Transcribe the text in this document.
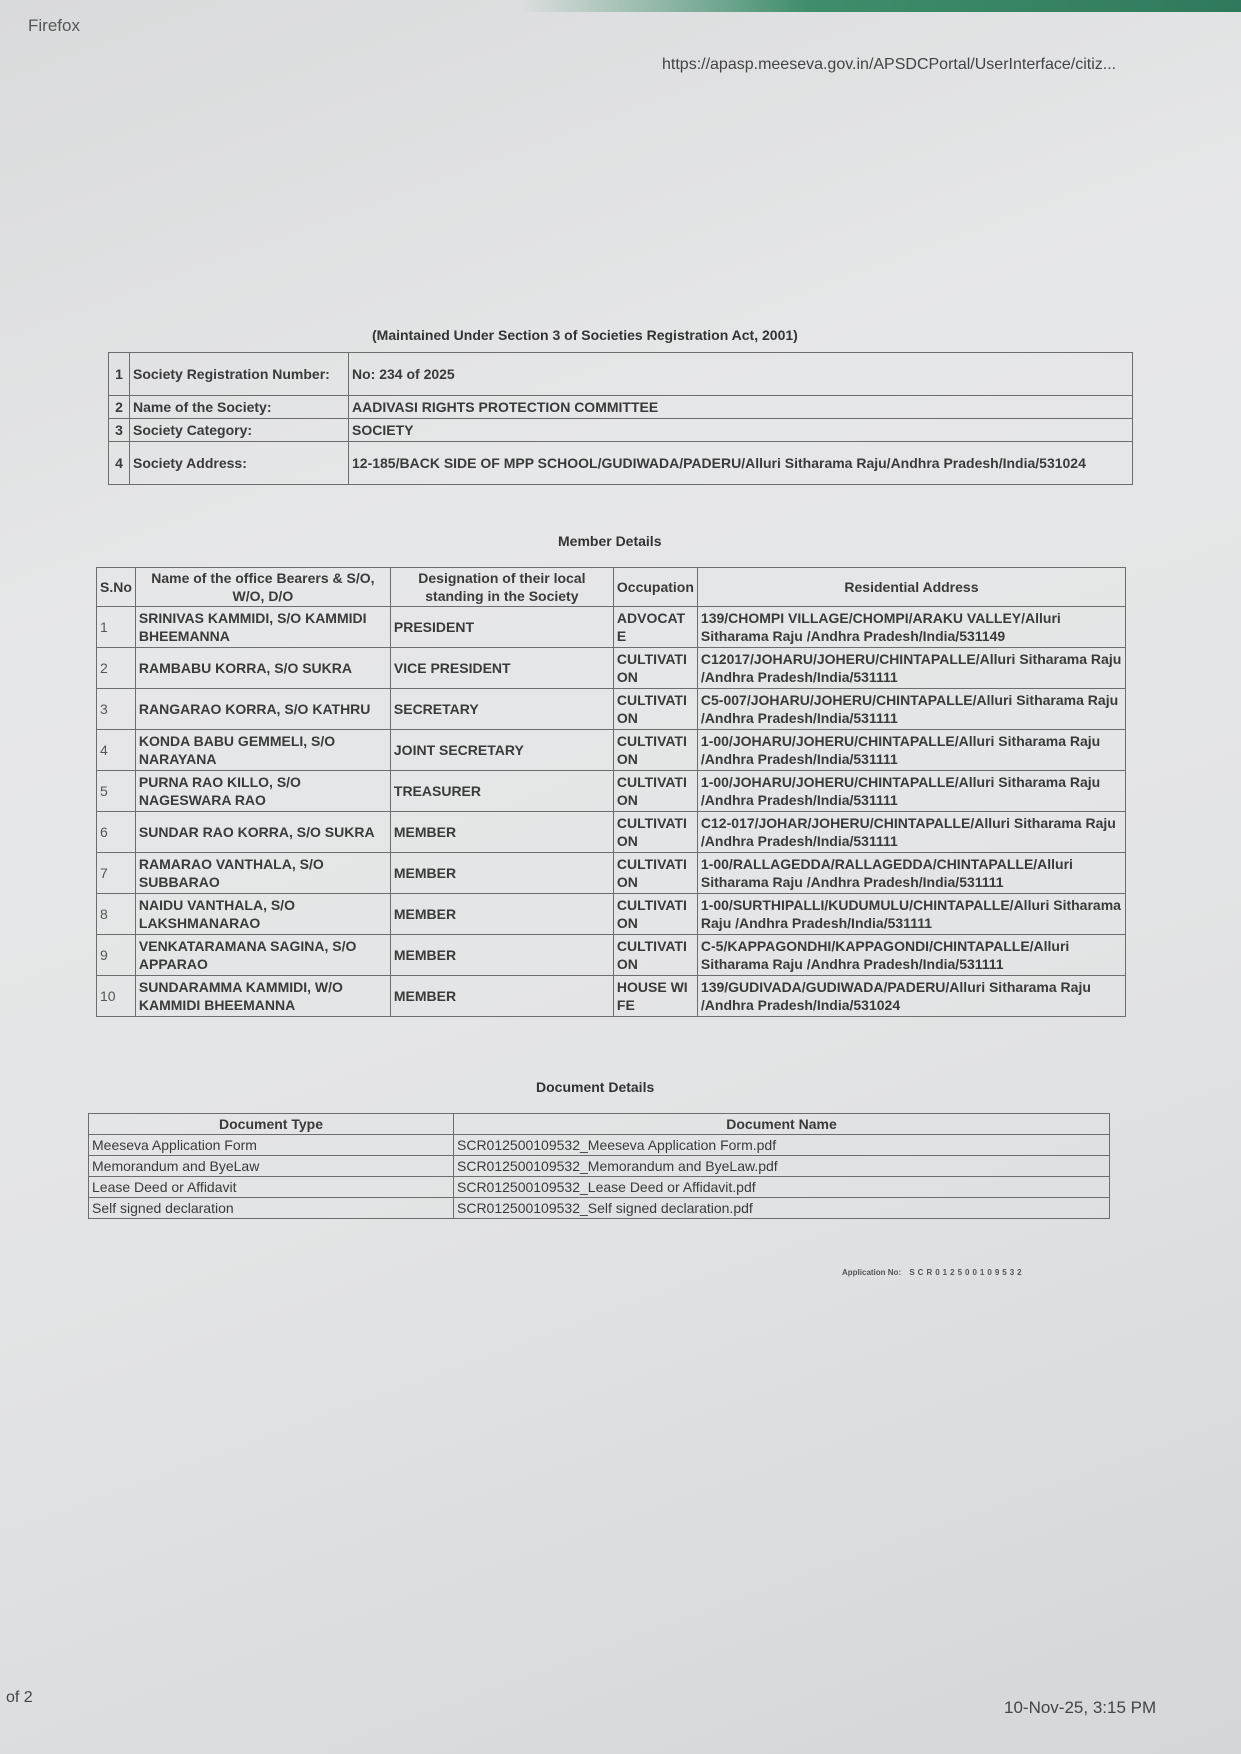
Firefox
https://apasp.meeseva.gov.in/APSDCPortal/UserInterface/citiz...
(Maintained Under Section 3 of Societies Registration Act, 2001)
1	Society Registration Number:	No: 234 of 2025
2	Name of the Society:	AADIVASI RIGHTS PROTECTION COMMITTEE
3	Society Category:	SOCIETY
4	Society Address:	12-185/BACK SIDE OF MPP SCHOOL/GUDIWADA/PADERU/Alluri Sitharama Raju/Andhra Pradesh/India/531024
Member Details
S.No	Name of the office Bearers & S/O, W/O, D/O	Designation of their local standing in the Society	Occupation	Residential Address
1	SRINIVAS KAMMIDI, S/O KAMMIDI BHEEMANNA	PRESIDENT	ADVOCATE	139/CHOMPI VILLAGE/CHOMPI/ARAKU VALLEY/Alluri Sitharama Raju /Andhra Pradesh/India/531149
2	RAMBABU KORRA, S/O SUKRA	VICE PRESIDENT	CULTIVATION	C12017/JOHARU/JOHERU/CHINTAPALLE/Alluri Sitharama Raju /Andhra Pradesh/India/531111
3	RANGARAO KORRA, S/O KATHRU	SECRETARY	CULTIVATION	C5-007/JOHARU/JOHERU/CHINTAPALLE/Alluri Sitharama Raju /Andhra Pradesh/India/531111
4	KONDA BABU GEMMELI, S/O NARAYANA	JOINT SECRETARY	CULTIVATION	1-00/JOHARU/JOHERU/CHINTAPALLE/Alluri Sitharama Raju /Andhra Pradesh/India/531111
5	PURNA RAO KILLO, S/O NAGESWARA RAO	TREASURER	CULTIVATION	1-00/JOHARU/JOHERU/CHINTAPALLE/Alluri Sitharama Raju /Andhra Pradesh/India/531111
6	SUNDAR RAO KORRA, S/O SUKRA	MEMBER	CULTIVATION	C12-017/JOHAR/JOHERU/CHINTAPALLE/Alluri Sitharama Raju /Andhra Pradesh/India/531111
7	RAMARAO VANTHALA, S/O SUBBARAO	MEMBER	CULTIVATION	1-00/RALLAGEDDA/RALLAGEDDA/CHINTAPALLE/Alluri Sitharama Raju /Andhra Pradesh/India/531111
8	NAIDU VANTHALA, S/O LAKSHMANARAO	MEMBER	CULTIVATION	1-00/SURTHIPALLI/KUDUMULU/CHINTAPALLE/Alluri Sitharama Raju /Andhra Pradesh/India/531111
9	VENKATARAMANA SAGINA, S/O APPARAO	MEMBER	CULTIVATION	C-5/KAPPAGONDHI/KAPPAGONDI/CHINTAPALLE/Alluri Sitharama Raju /Andhra Pradesh/India/531111
10	SUNDARAMMA KAMMIDI, W/O KAMMIDI BHEEMANNA	MEMBER	HOUSE WIFE	139/GUDIVADA/GUDIWADA/PADERU/Alluri Sitharama Raju /Andhra Pradesh/India/531024
Document Details
Document Type	Document Name
Meeseva Application Form	SCR012500109532_Meeseva Application Form.pdf
Memorandum and ByeLaw	SCR012500109532_Memorandum and ByeLaw.pdf
Lease Deed or Affidavit	SCR012500109532_Lease Deed or Affidavit.pdf
Self signed declaration	SCR012500109532_Self signed declaration.pdf
Application No: SCR012500109532
of 2
10-Nov-25, 3:15 PM
